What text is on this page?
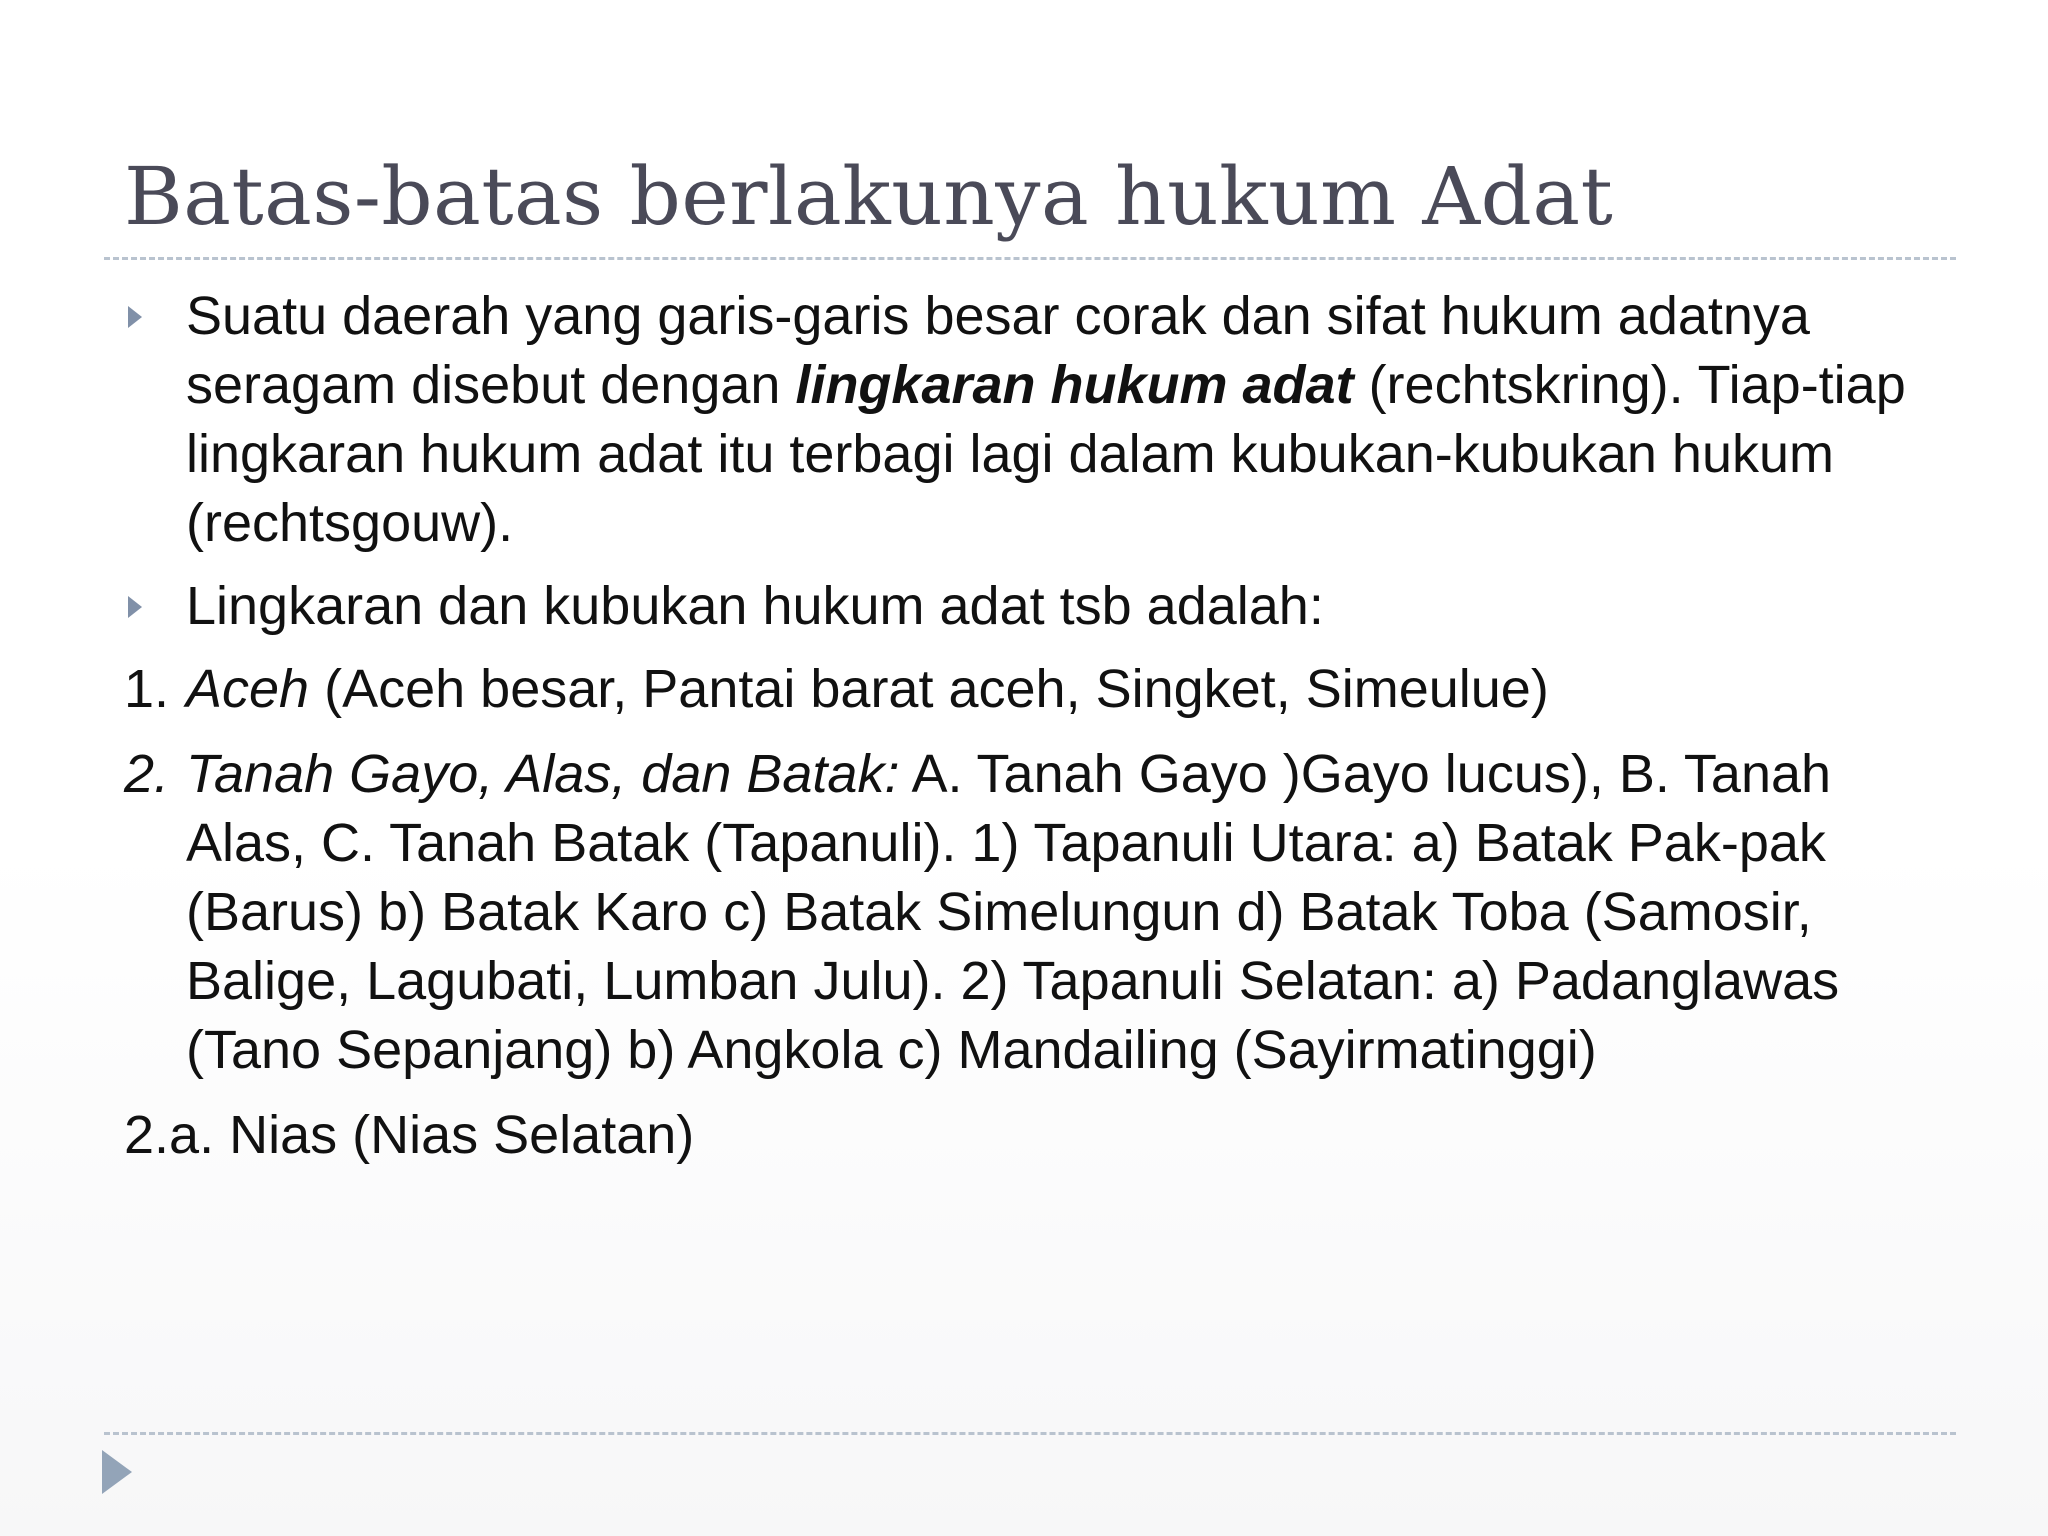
Batas-batas berlakunya hukum Adat
Suatu daerah yang garis-garis besar corak dan sifat hukum adatnya seragam disebut dengan lingkaran hukum adat (rechtskring). Tiap-tiap lingkaran hukum adat itu terbagi lagi dalam kubukan-kubukan hukum (rechtsgouw).
Lingkaran dan kubukan hukum adat tsb adalah:
1. Aceh (Aceh besar, Pantai barat aceh, Singket, Simeulue)
2. Tanah Gayo, Alas, dan Batak: A. Tanah Gayo )Gayo lucus), B. Tanah Alas, C. Tanah Batak (Tapanuli). 1) Tapanuli Utara: a) Batak Pak-pak (Barus) b) Batak Karo c) Batak Simelungun d) Batak Toba (Samosir, Balige, Lagubati, Lumban Julu). 2) Tapanuli Selatan: a) Padanglawas (Tano Sepanjang) b) Angkola c) Mandailing (Sayirmatinggi)
2.a. Nias (Nias Selatan)
